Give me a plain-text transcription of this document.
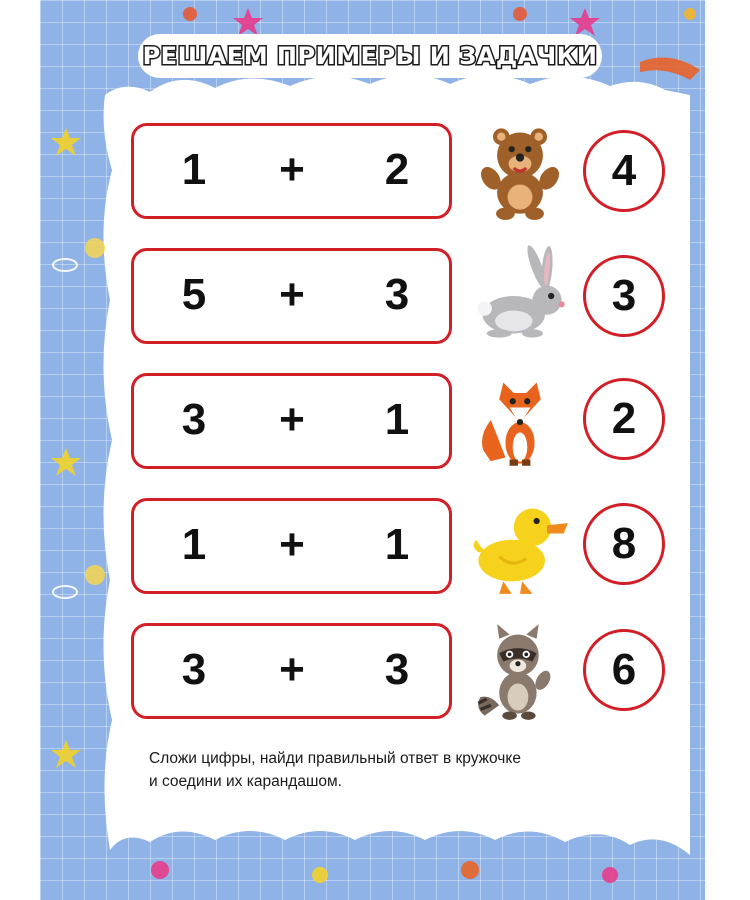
РЕШАЕМ ПРИМЕРЫ И ЗАДАЧКИ
1 + 2	4
5 + 3	3
3 + 1	2
1 + 1	8
3 + 3	6
Сложи цифры, найди правильный ответ в кружочке
и соедини их карандашом.
